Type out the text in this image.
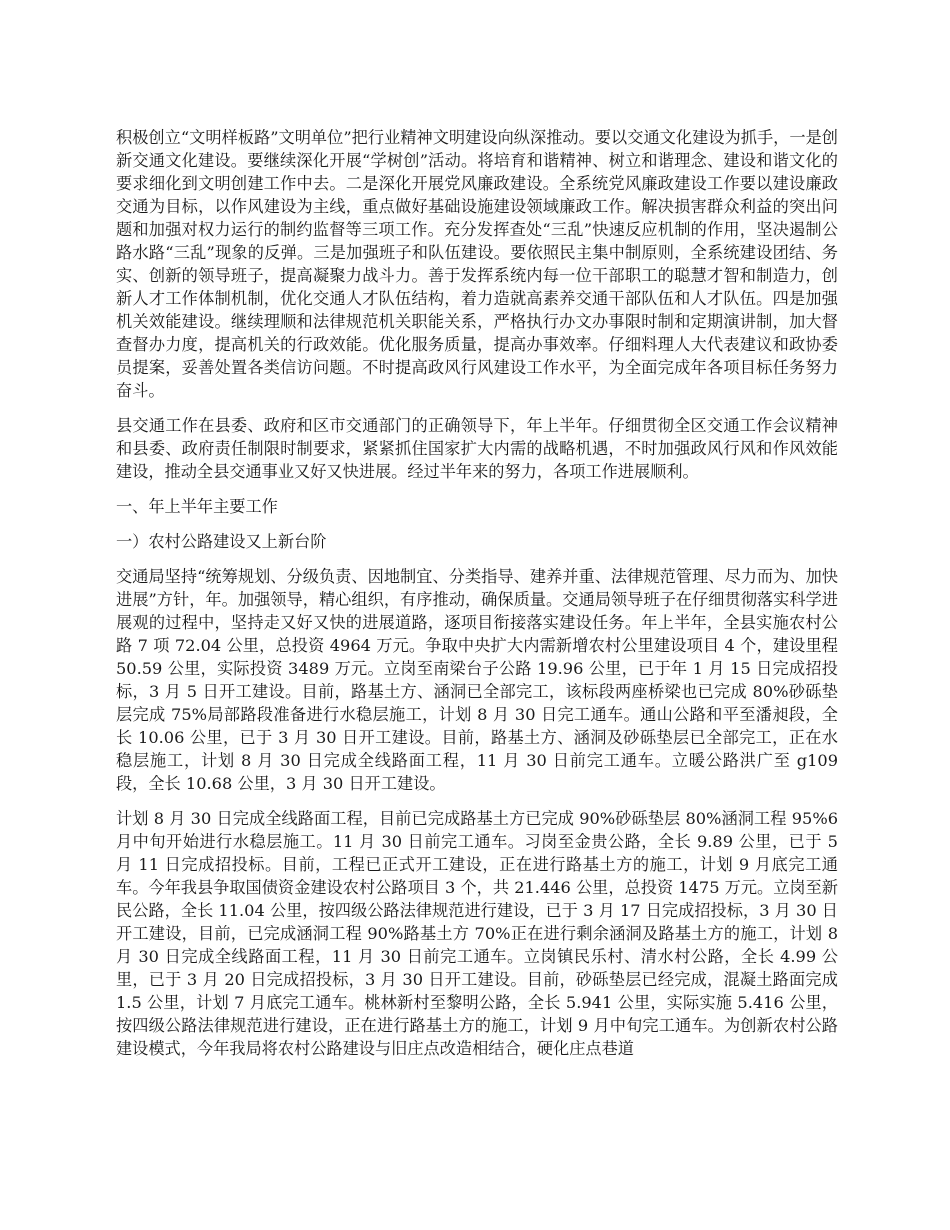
积极创立“文明样板路”文明单位”把行业精神文明建设向纵深推动。要以交通文化建设为抓手，一是创新交通文化建设。要继续深化开展“学树创”活动。将培育和谐精神、树立和谐理念、建设和谐文化的要求细化到文明创建工作中去。二是深化开展党风廉政建设。全系统党风廉政建设工作要以建设廉政交通为目标，以作风建设为主线，重点做好基础设施建设领域廉政工作。解决损害群众利益的突出问题和加强对权力运行的制约监督等三项工作。充分发挥查处“三乱”快速反应机制的作用，坚决遏制公路水路“三乱”现象的反弹。三是加强班子和队伍建设。要依照民主集中制原则，全系统建设团结、务实、创新的领导班子，提高凝聚力战斗力。善于发挥系统内每一位干部职工的聪慧才智和制造力，创新人才工作体制机制，优化交通人才队伍结构，着力造就高素养交通干部队伍和人才队伍。四是加强机关效能建设。继续理顺和法律规范机关职能关系，严格执行办文办事限时制和定期演讲制，加大督查督办力度，提高机关的行政效能。优化服务质量，提高办事效率。仔细料理人大代表建议和政协委员提案，妥善处置各类信访问题。不时提高政风行风建设工作水平，为全面完成年各项目标任务努力奋斗。

县交通工作在县委、政府和区市交通部门的正确领导下，年上半年。仔细贯彻全区交通工作会议精神和县委、政府责任制限时制要求，紧紧抓住国家扩大内需的战略机遇，不时加强政风行风和作风效能建设，推动全县交通事业又好又快进展。经过半年来的努力，各项工作进展顺利。

一、年上半年主要工作

一）农村公路建设又上新台阶

交通局坚持“统筹规划、分级负责、因地制宜、分类指导、建养并重、法律规范管理、尽力而为、加快进展”方针，年。加强领导，精心组织，有序推动，确保质量。交通局领导班子在仔细贯彻落实科学进展观的过程中，坚持走又好又快的进展道路，逐项目衔接落实建设任务。年上半年，全县实施农村公路 7 项 72.04 公里，总投资 4964 万元。争取中央扩大内需新增农村公里建设项目 4 个，建设里程 50.59 公里，实际投资 3489 万元。立岗至南梁台子公路 19.96 公里，已于年 1 月 15 日完成招投标，3 月 5 日开工建设。目前，路基土方、涵洞已全部完工，该标段两座桥梁也已完成 80%砂砾垫层完成 75%局部路段准备进行水稳层施工，计划 8 月 30 日完工通车。通山公路和平至潘昶段，全长 10.06 公里，已于 3 月 30 日开工建设。目前，路基土方、涵洞及砂砾垫层已全部完工，正在水稳层施工，计划 8 月 30 日完成全线路面工程，11 月 30 日前完工通车。立暖公路洪广至 g109 段，全长 10.68 公里，3 月 30 日开工建设。

计划 8 月 30 日完成全线路面工程，目前已完成路基土方已完成 90%砂砾垫层 80%涵洞工程 95%6 月中旬开始进行水稳层施工。11 月 30 日前完工通车。习岗至金贵公路，全长 9.89 公里，已于 5 月 11 日完成招投标。目前，工程已正式开工建设，正在进行路基土方的施工，计划 9 月底完工通车。今年我县争取国债资金建设农村公路项目 3 个，共 21.446 公里，总投资 1475 万元。立岗至新民公路，全长 11.04 公里，按四级公路法律规范进行建设，已于 3 月 17 日完成招投标，3 月 30 日开工建设，目前，已完成涵洞工程 90%路基土方 70%正在进行剩余涵洞及路基土方的施工，计划 8 月 30 日完成全线路面工程，11 月 30 日前完工通车。立岗镇民乐村、清水村公路，全长 4.99 公里，已于 3 月 20 日完成招投标，3 月 30 日开工建设。目前，砂砾垫层已经完成，混凝土路面完成 1.5 公里，计划 7 月底完工通车。桃林新村至黎明公路，全长 5.941 公里，实际实施 5.416 公里，按四级公路法律规范进行建设，正在进行路基土方的施工，计划 9 月中旬完工通车。为创新农村公路建设模式，今年我局将农村公路建设与旧庄点改造相结合，硬化庄点巷道
